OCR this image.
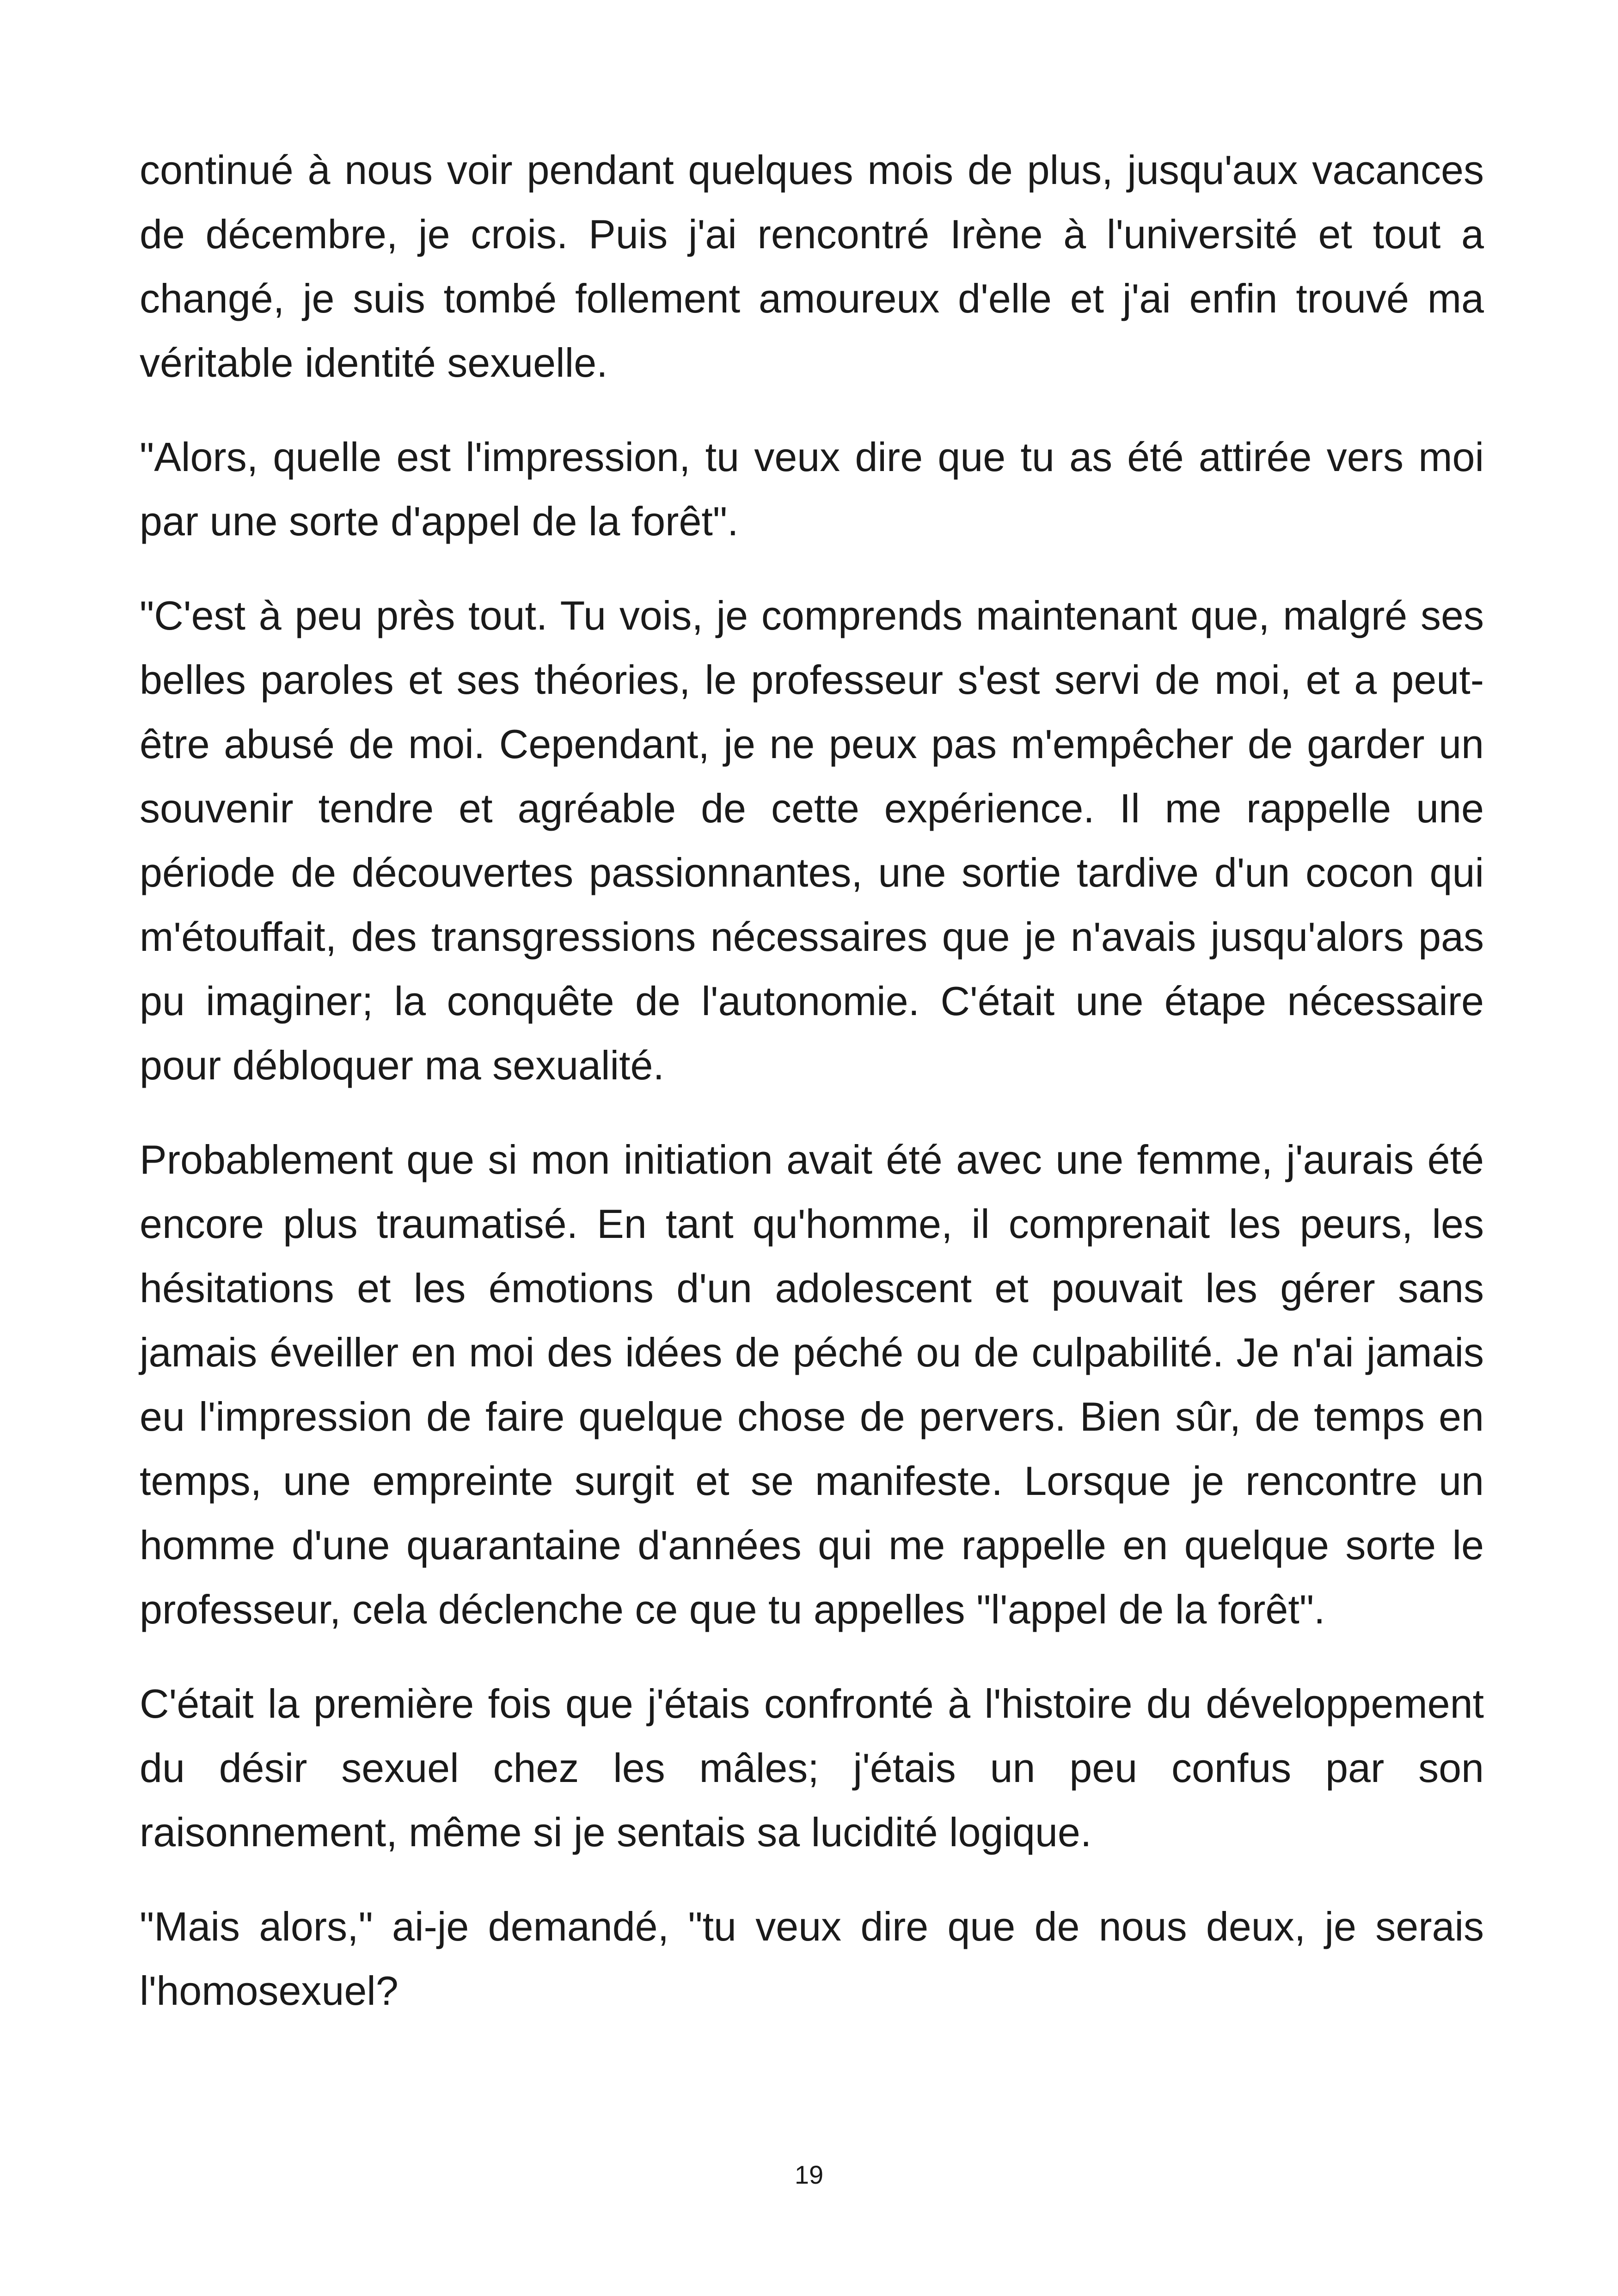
continué à nous voir pendant quelques mois de plus, jusqu'aux vacances de décembre, je crois. Puis j'ai rencontré Irène à l'université et tout a changé, je suis tombé follement amoureux d'elle et j'ai enfin trouvé ma véritable identité sexuelle.

"Alors, quelle est l'impression, tu veux dire que tu as été attirée vers moi par une sorte d'appel de la forêt".

"C'est à peu près tout. Tu vois, je comprends maintenant que, malgré ses belles paroles et ses théories, le professeur s'est servi de moi, et a peut-être abusé de moi. Cependant, je ne peux pas m'empêcher de garder un souvenir tendre et agréable de cette expérience. Il me rappelle une période de découvertes passionnantes, une sortie tardive d'un cocon qui m'étouffait, des transgressions nécessaires que je n'avais jusqu'alors pas pu imaginer; la conquête de l'autonomie. C'était une étape nécessaire pour débloquer ma sexualité.

Probablement que si mon initiation avait été avec une femme, j'aurais été encore plus traumatisé. En tant qu'homme, il comprenait les peurs, les hésitations et les émotions d'un adolescent et pouvait les gérer sans jamais éveiller en moi des idées de péché ou de culpabilité. Je n'ai jamais eu l'impression de faire quelque chose de pervers. Bien sûr, de temps en temps, une empreinte surgit et se manifeste. Lorsque je rencontre un homme d'une quarantaine d'années qui me rappelle en quelque sorte le professeur, cela déclenche ce que tu appelles "l'appel de la forêt".

C'était la première fois que j'étais confronté à l'histoire du développement du désir sexuel chez les mâles; j'étais un peu confus par son raisonnement, même si je sentais sa lucidité logique.

"Mais alors," ai-je demandé, "tu veux dire que de nous deux, je serais l'homosexuel?

19
